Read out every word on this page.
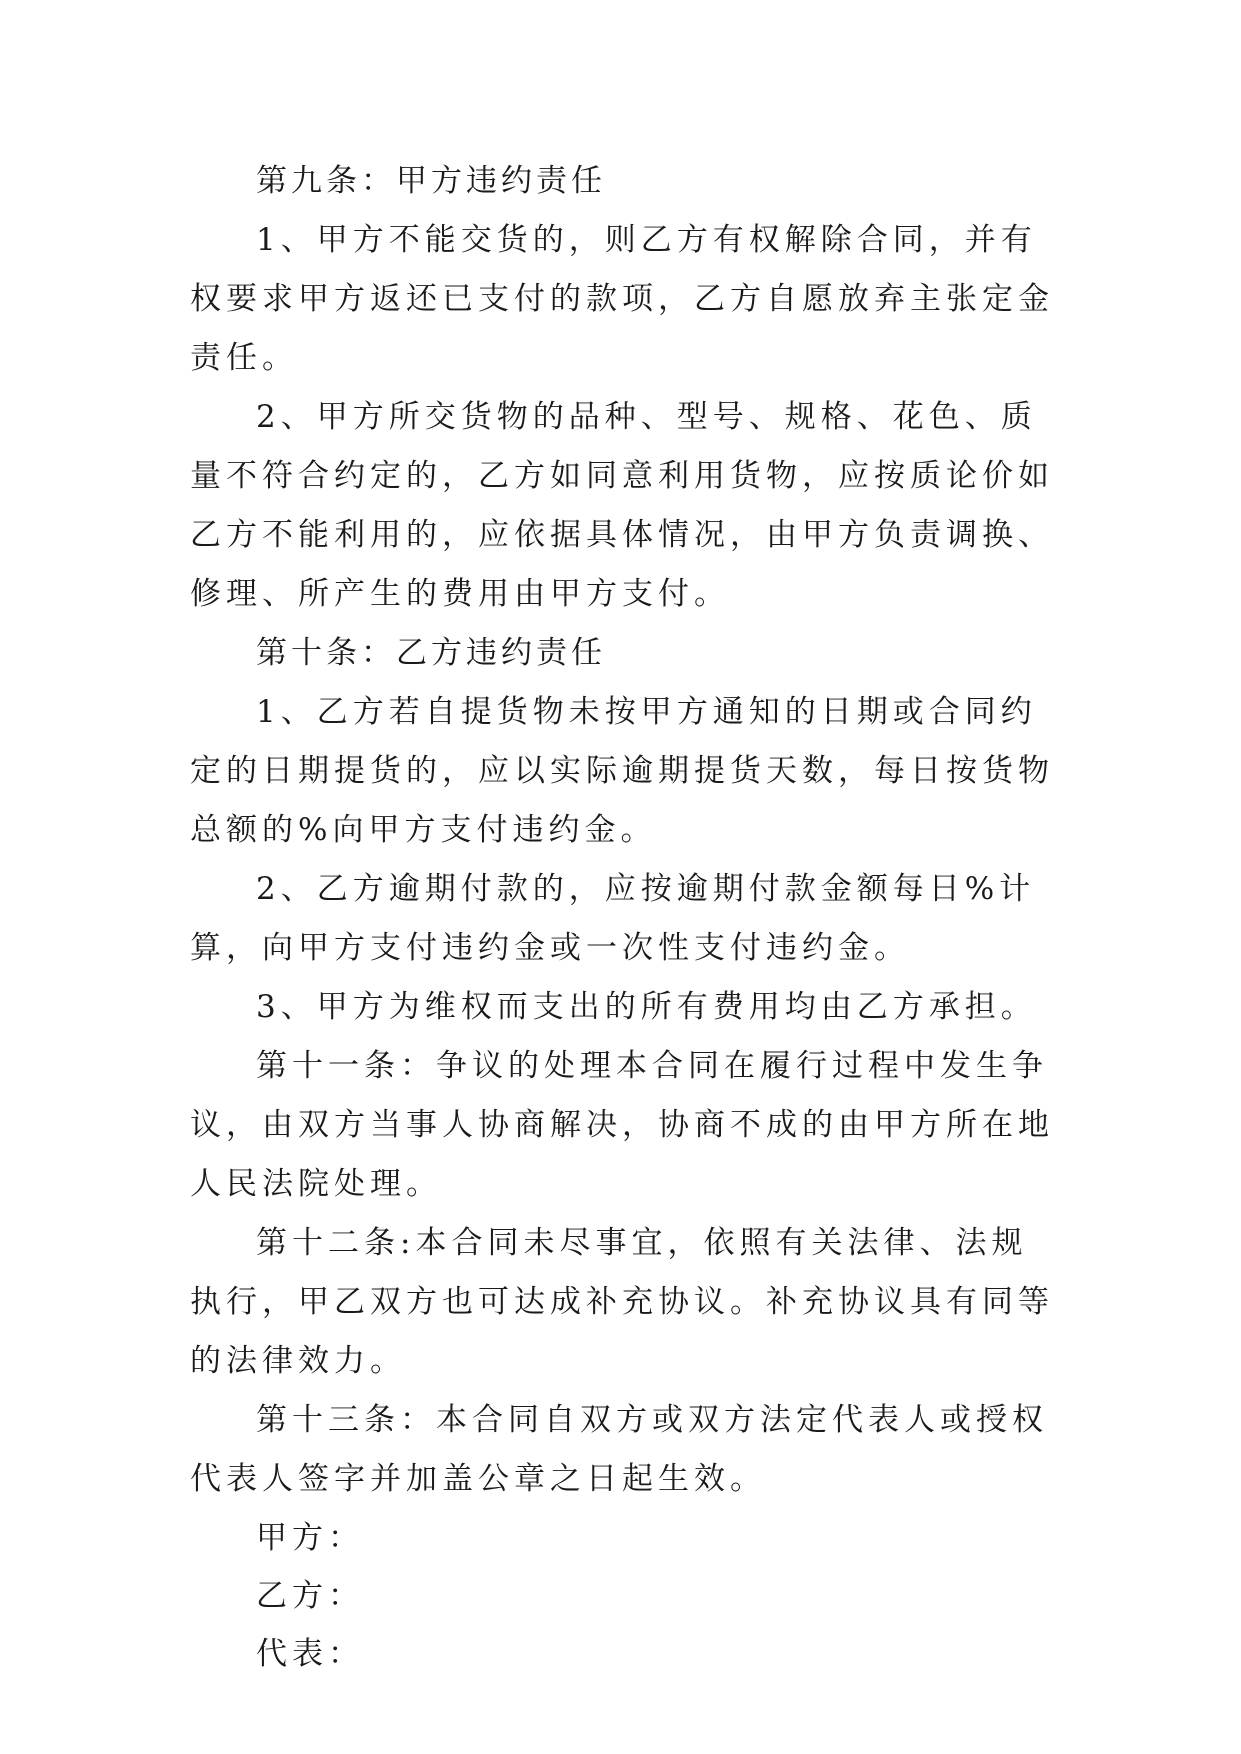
第九条：甲方违约责任

1、甲方不能交货的，则乙方有权解除合同，并有权要求甲方返还已支付的款项，乙方自愿放弃主张定金责任。

2、甲方所交货物的品种、型号、规格、花色、质量不符合约定的，乙方如同意利用货物，应按质论价如乙方不能利用的，应依据具体情况，由甲方负责调换、修理、所产生的费用由甲方支付。

第十条：乙方违约责任

1、乙方若自提货物未按甲方通知的日期或合同约定的日期提货的，应以实际逾期提货天数，每日按货物总额的%向甲方支付违约金。

2、乙方逾期付款的，应按逾期付款金额每日%计算，向甲方支付违约金或一次性支付违约金。

3、甲方为维权而支出的所有费用均由乙方承担。

第十一条：争议的处理本合同在履行过程中发生争议，由双方当事人协商解决，协商不成的由甲方所在地人民法院处理。

第十二条:本合同未尽事宜，依照有关法律、法规执行，甲乙双方也可达成补充协议。补充协议具有同等的法律效力。

第十三条：本合同自双方或双方法定代表人或授权代表人签字并加盖公章之日起生效。

甲方：

乙方：

代表：
